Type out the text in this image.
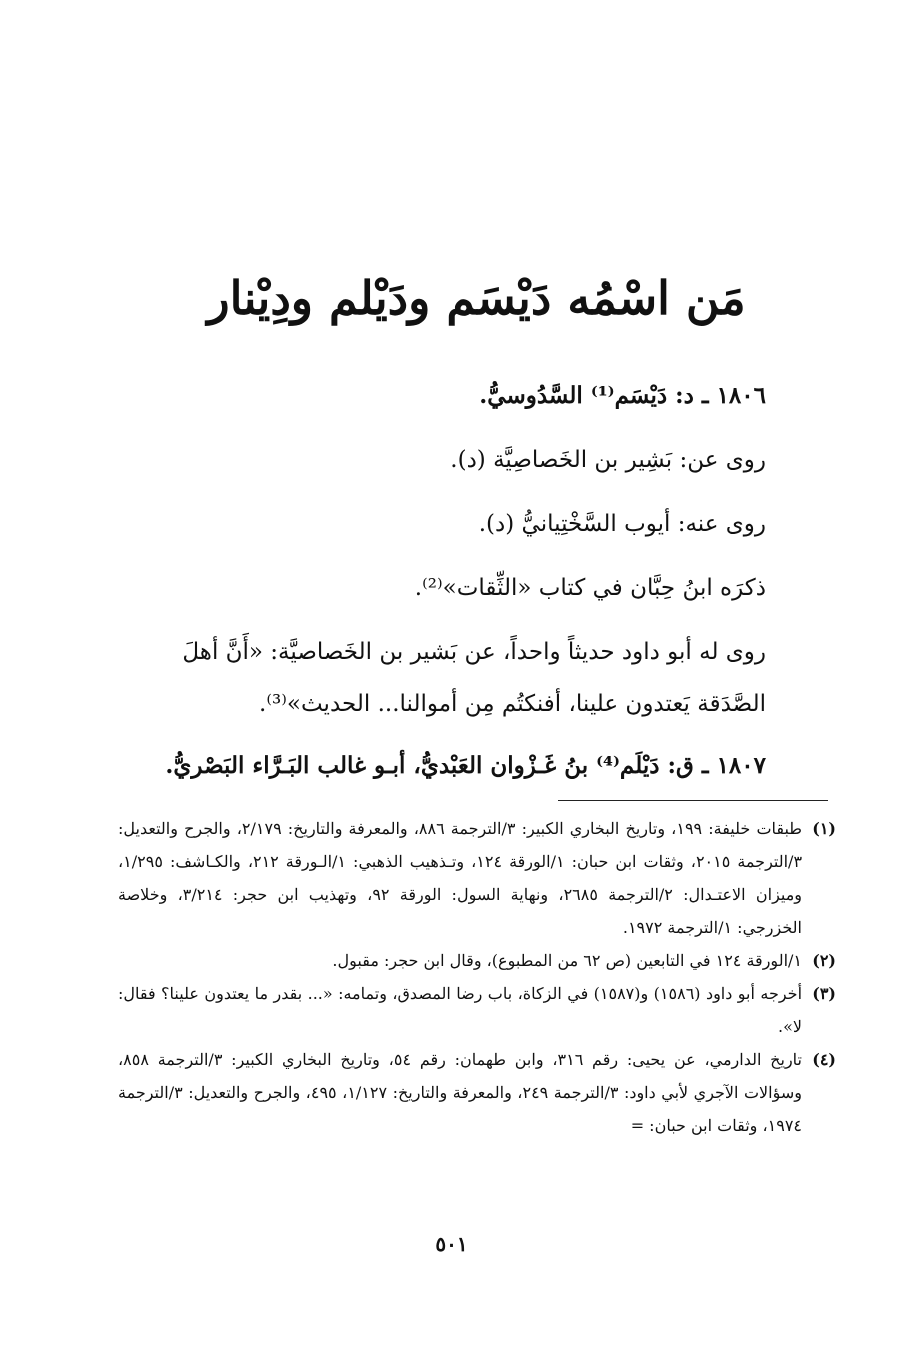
مَن اسْمُه دَيْسَم ودَيْلم ودِيْنار

١٨٠٦ ـ د: دَيْسَم⁽¹⁾ السَّدُوسيُّ.

روى عن: بَشِير بن الخَصاصِيَّة (د).

روى عنه: أيوب السَّخْتِيانيُّ (د).

ذكرَه ابنُ حِبَّان في كتاب «الثِّقات»⁽²⁾.

روى له أبو داود حديثاً واحداً، عن بَشير بن الخَصاصيَّة: «أَنَّ أهلَ

الصَّدَقة يَعتدون علينا، أفنكتُم مِن أموالنا... الحديث»⁽³⁾.

١٨٠٧ ـ ق: دَيْلَم⁽⁴⁾ بنُ غَـزْوان العَبْديُّ، أبـو غالب البَـرَّاء البَصْريُّ.

(١)
طبقات خليفة: ١٩٩، وتاريخ البخاري الكبير: ٣/الترجمة ٨٨٦، والمعرفة والتاريخ: ٢/١٧٩، والجرح والتعديل: ٣/الترجمة ٢٠١٥، وثقات ابن حبان: ١/الورقة ١٢٤، وتـذهيب الذهبي: ١/الـورقة ٢١٢، والكـاشف: ١/٢٩٥، وميزان الاعتـدال: ٢/الترجمة ٢٦٨٥، ونهاية السول: الورقة ٩٢، وتهذيب ابن حجر: ٣/٢١٤، وخلاصة الخزرجي: ١/الترجمة ١٩٧٢.
(٢)
١/الورقة ١٢٤ في التابعين (ص ٦٢ من المطبوع)، وقال ابن حجر: مقبول.
(٣)
أخرجه أبو داود (١٥٨٦) و(١٥٨٧) في الزكاة، باب رضا المصدق، وتمامه: «... بقدر ما يعتدون علينا؟ فقال: لا».
(٤)
تاريخ الدارمي، عن يحيى: رقم ٣١٦، وابن طهمان: رقم ٥٤، وتاريخ البخاري الكبير: ٣/الترجمة ٨٥٨، وسؤالات الآجري لأبي داود: ٣/الترجمة ٢٤٩، والمعرفة والتاريخ: ١/١٢٧، ٤٩٥، والجرح والتعديل: ٣/الترجمة ١٩٧٤، وثقات ابن حبان: =
٥٠١
